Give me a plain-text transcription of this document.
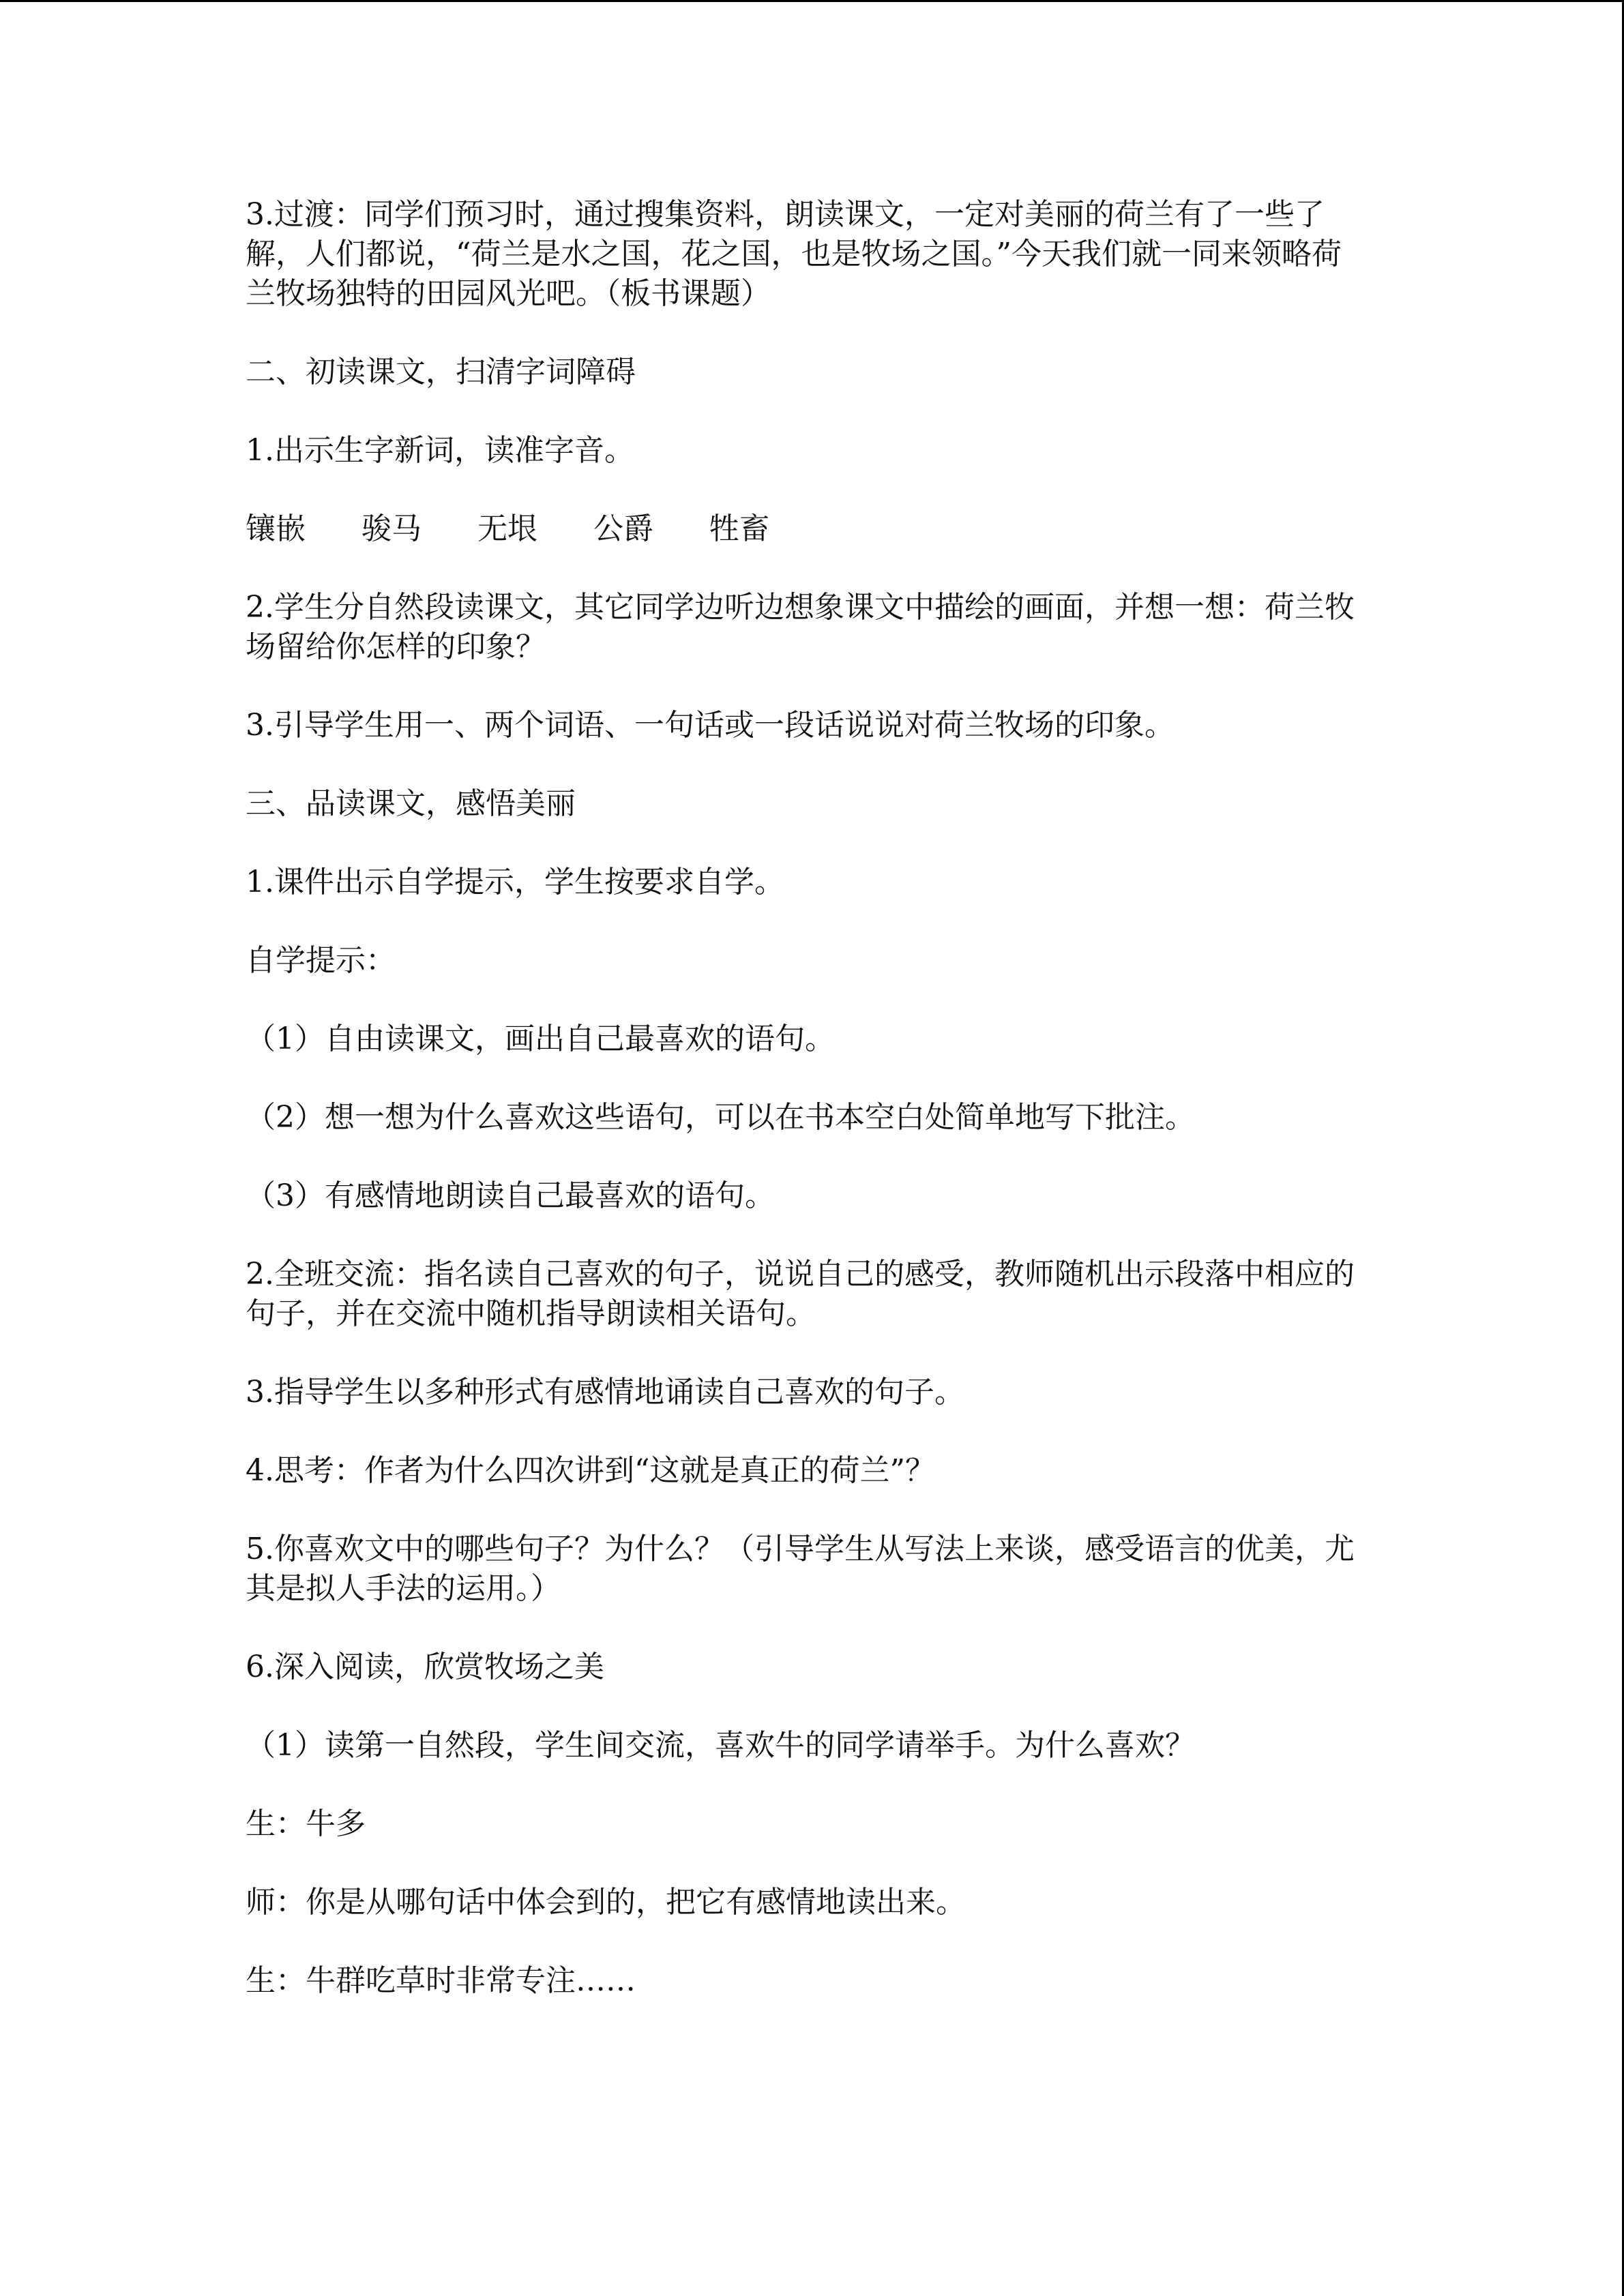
3.过渡：同学们预习时，通过搜集资料，朗读课文，一定对美丽的荷兰有了一些了解，人们都说，“荷兰是水之国，花之国，也是牧场之国。”今天我们就一同来领略荷兰牧场独特的田园风光吧。（板书课题）

二、初读课文，扫清字词障碍

1.出示生字新词，读准字音。

镶嵌	骏马	无垠	公爵	牲畜

2.学生分自然段读课文，其它同学边听边想象课文中描绘的画面，并想一想：荷兰牧场留给你怎样的印象？

3.引导学生用一、两个词语、一句话或一段话说说对荷兰牧场的印象。

三、品读课文，感悟美丽

1.课件出示自学提示，学生按要求自学。

自学提示：

（1）自由读课文，画出自己最喜欢的语句。

（2）想一想为什么喜欢这些语句，可以在书本空白处简单地写下批注。

（3）有感情地朗读自己最喜欢的语句。

2.全班交流：指名读自己喜欢的句子，说说自己的感受，教师随机出示段落中相应的句子，并在交流中随机指导朗读相关语句。

3.指导学生以多种形式有感情地诵读自己喜欢的句子。

4.思考：作者为什么四次讲到“这就是真正的荷兰”？

5.你喜欢文中的哪些句子？为什么？（引导学生从写法上来谈，感受语言的优美，尤其是拟人手法的运用。）

6.深入阅读，欣赏牧场之美

（1）读第一自然段，学生间交流，喜欢牛的同学请举手。为什么喜欢？

生：牛多

师：你是从哪句话中体会到的，把它有感情地读出来。

生：牛群吃草时非常专注……
